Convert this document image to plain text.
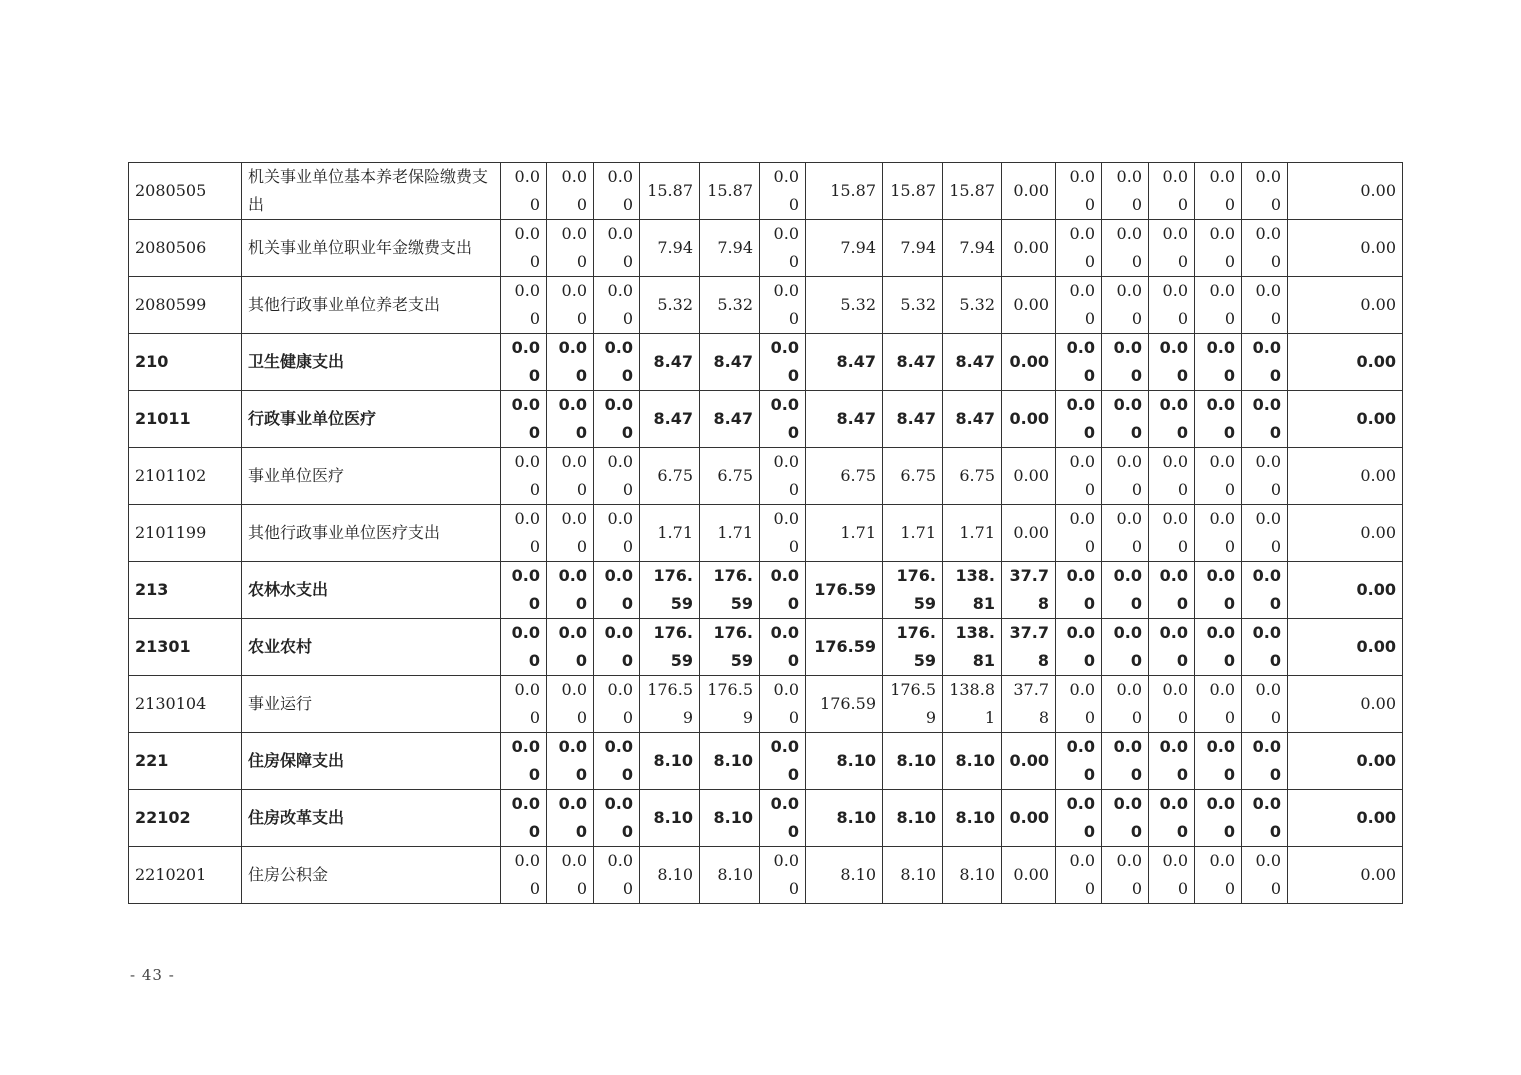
2080505	机关事业单位基本养老保险缴费支出	0.00	0.00	0.00	15.87	15.87	0.00	15.87	15.87	15.87	0.00	0.00	0.00	0.00	0.00	0.00	0.00
2080506	机关事业单位职业年金缴费支出	0.00	0.00	0.00	7.94	7.94	0.00	7.94	7.94	7.94	0.00	0.00	0.00	0.00	0.00	0.00	0.00
2080599	其他行政事业单位养老支出	0.00	0.00	0.00	5.32	5.32	0.00	5.32	5.32	5.32	0.00	0.00	0.00	0.00	0.00	0.00	0.00
210	卫生健康支出	0.00	0.00	0.00	8.47	8.47	0.00	8.47	8.47	8.47	0.00	0.00	0.00	0.00	0.00	0.00	0.00
21011	行政事业单位医疗	0.00	0.00	0.00	8.47	8.47	0.00	8.47	8.47	8.47	0.00	0.00	0.00	0.00	0.00	0.00	0.00
2101102	事业单位医疗	0.00	0.00	0.00	6.75	6.75	0.00	6.75	6.75	6.75	0.00	0.00	0.00	0.00	0.00	0.00	0.00
2101199	其他行政事业单位医疗支出	0.00	0.00	0.00	1.71	1.71	0.00	1.71	1.71	1.71	0.00	0.00	0.00	0.00	0.00	0.00	0.00
213	农林水支出	0.00	0.00	0.00	176.59	176.59	0.00	176.59	176.59	138.81	37.78	0.00	0.00	0.00	0.00	0.00	0.00
21301	农业农村	0.00	0.00	0.00	176.59	176.59	0.00	176.59	176.59	138.81	37.78	0.00	0.00	0.00	0.00	0.00	0.00
2130104	事业运行	0.00	0.00	0.00	176.59	176.59	0.00	176.59	176.59	138.81	37.78	0.00	0.00	0.00	0.00	0.00	0.00
221	住房保障支出	0.00	0.00	0.00	8.10	8.10	0.00	8.10	8.10	8.10	0.00	0.00	0.00	0.00	0.00	0.00	0.00
22102	住房改革支出	0.00	0.00	0.00	8.10	8.10	0.00	8.10	8.10	8.10	0.00	0.00	0.00	0.00	0.00	0.00	0.00
2210201	住房公积金	0.00	0.00	0.00	8.10	8.10	0.00	8.10	8.10	8.10	0.00	0.00	0.00	0.00	0.00	0.00	0.00
- 43 -
